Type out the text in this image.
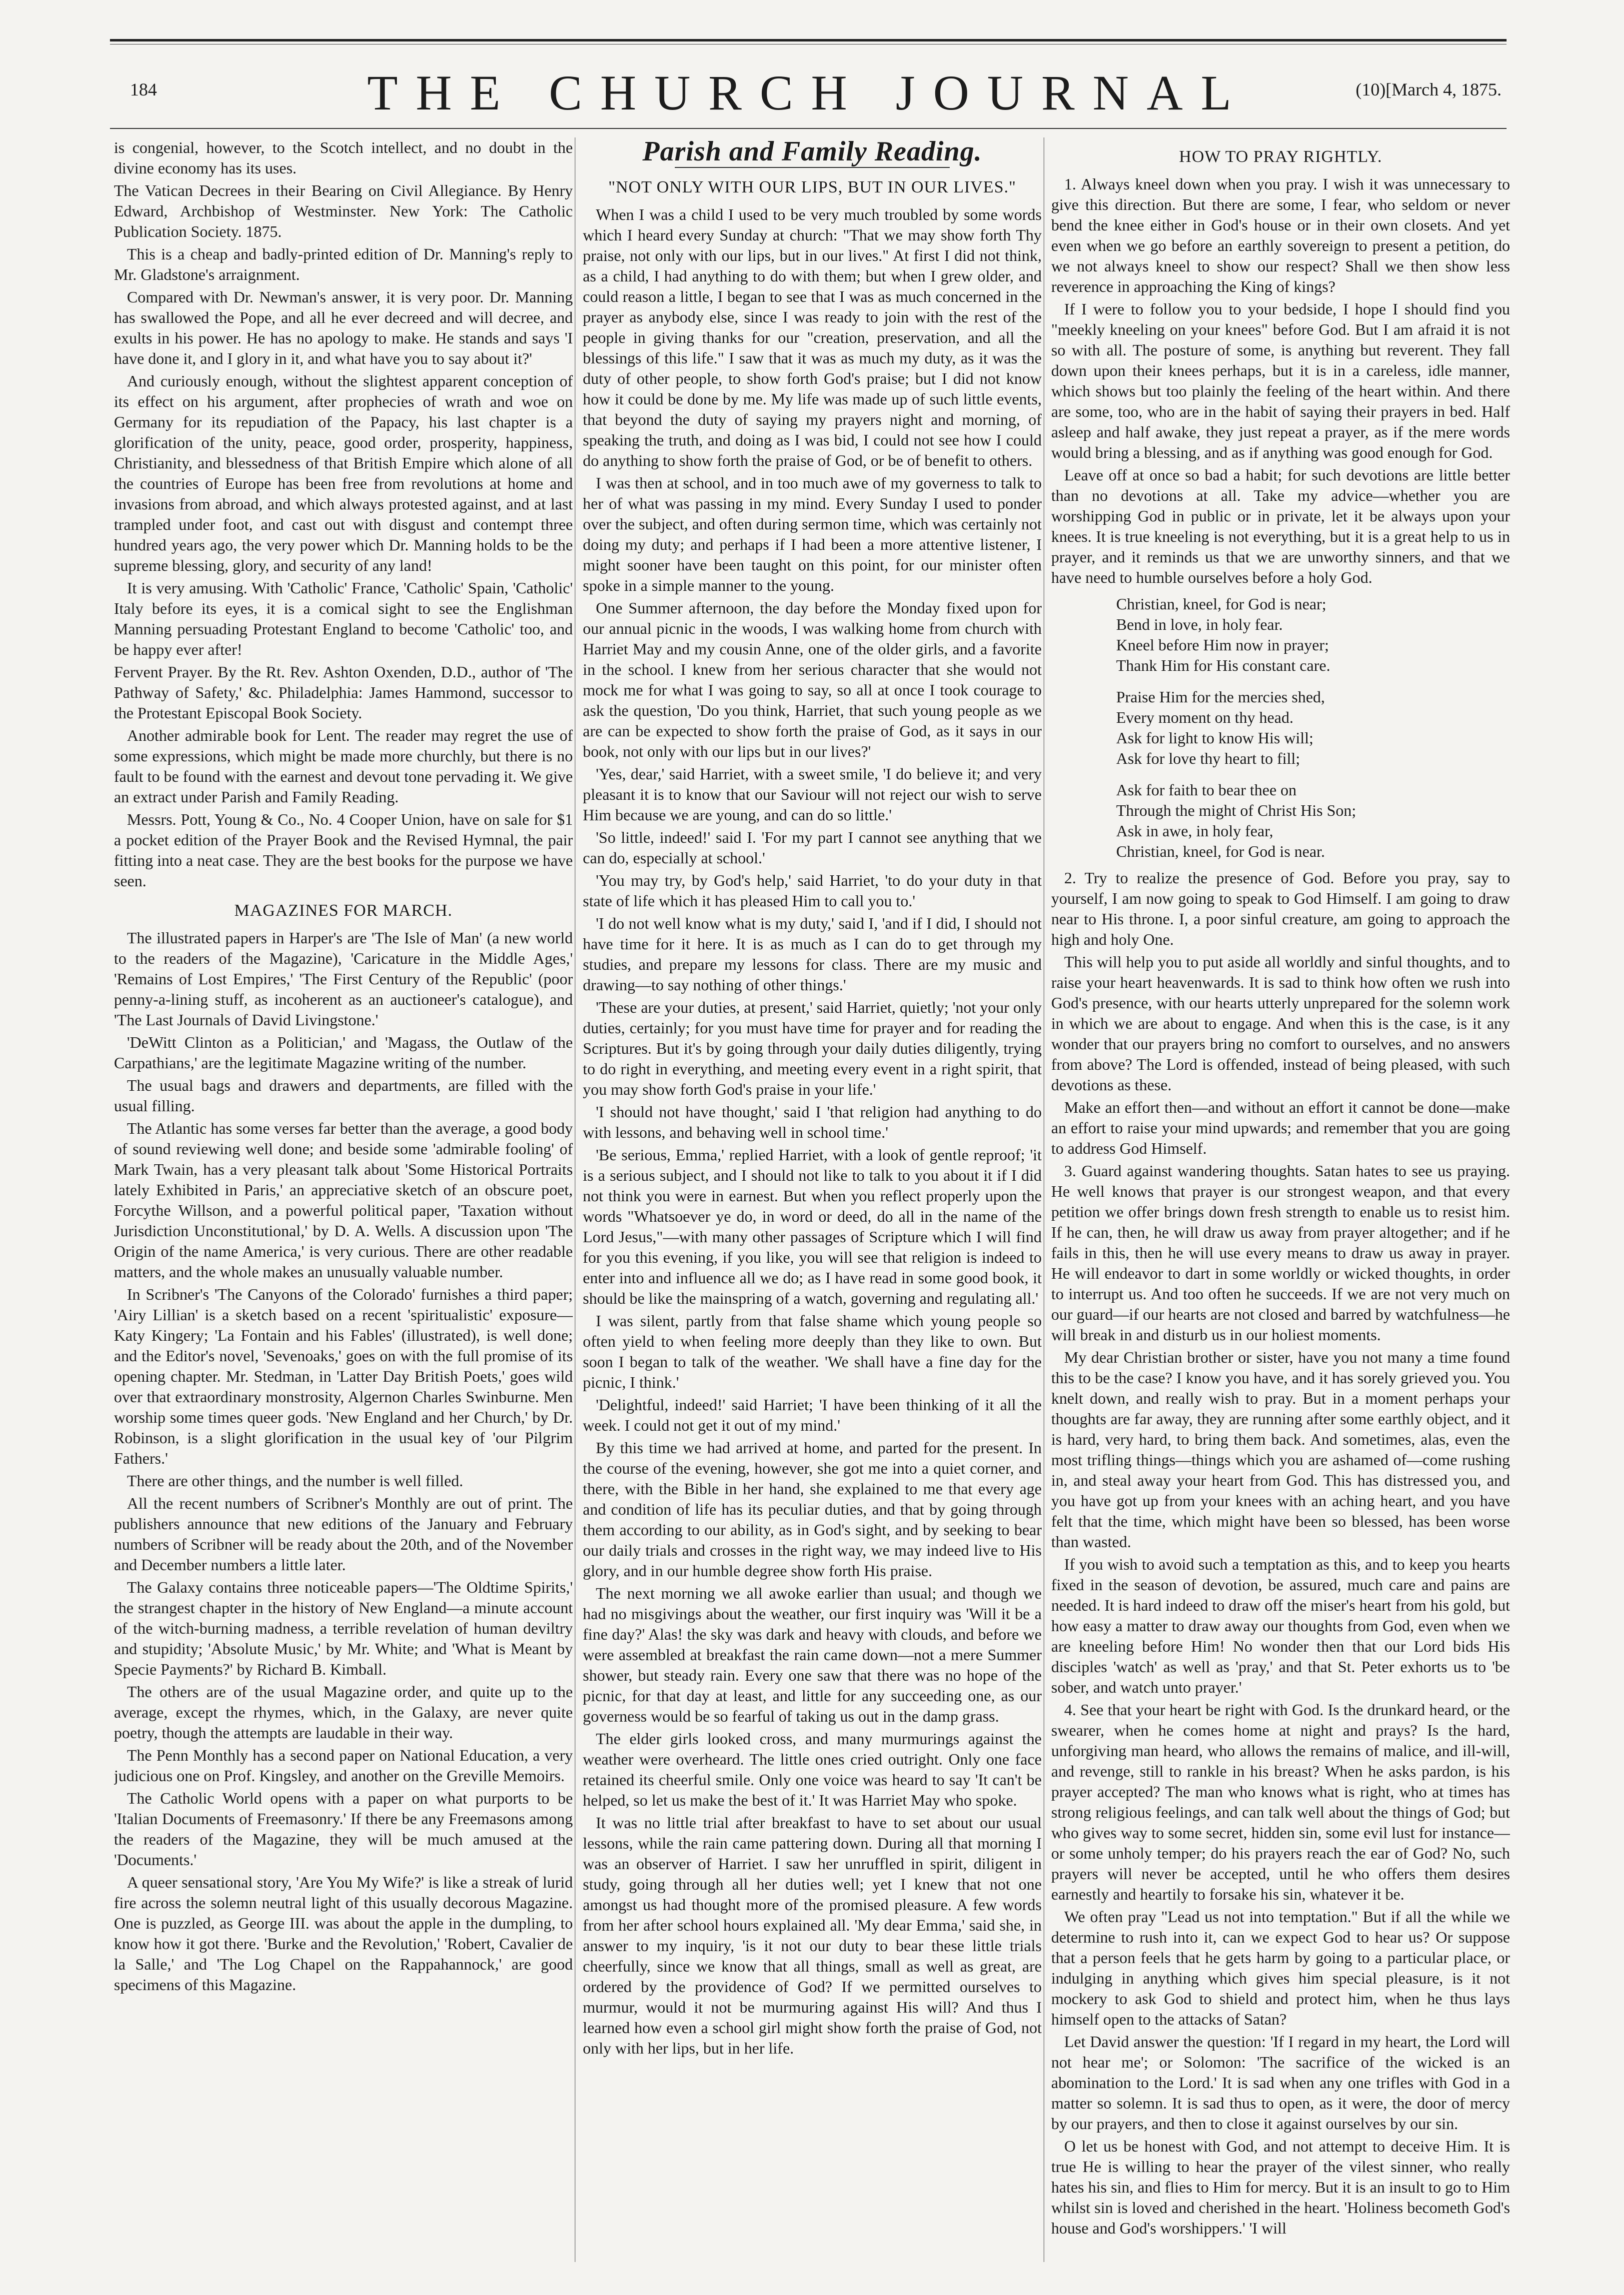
184	THE CHURCH JOURNAL	(10)[March 4, 1875.

is congenial, however, to the Scotch intellect, and no doubt in the divine economy has its uses.

The Vatican Decrees in their Bearing on Civil Allegiance. By Henry Edward, Archbishop of Westminster. New York: The Catholic Publication Society. 1875.

This is a cheap and badly-printed edition of Dr. Manning's reply to Mr. Gladstone's arraignment.

Compared with Dr. Newman's answer, it is very poor. Dr. Manning has swallowed the Pope, and all he ever decreed and will decree, and exults in his power. He has no apology to make. He stands and says 'I have done it, and I glory in it, and what have you to say about it?'

And curiously enough, without the slightest apparent conception of its effect on his argument, after prophecies of wrath and woe on Germany for its repudiation of the Papacy, his last chapter is a glorification of the unity, peace, good order, prosperity, happiness, Christianity, and blessedness of that British Empire which alone of all the countries of Europe has been free from revolutions at home and invasions from abroad, and which always protested against, and at last trampled under foot, and cast out with disgust and contempt three hundred years ago, the very power which Dr. Manning holds to be the supreme blessing, glory, and security of any land!

It is very amusing. With 'Catholic' France, 'Catholic' Spain, 'Catholic' Italy before its eyes, it is a comical sight to see the Englishman Manning persuading Protestant England to become 'Catholic' too, and be happy ever after!

Fervent Prayer. By the Rt. Rev. Ashton Oxenden, D.D., author of 'The Pathway of Safety,' &c. Philadelphia: James Hammond, successor to the Protestant Episcopal Book Society.

Another admirable book for Lent. The reader may regret the use of some expressions, which might be made more churchly, but there is no fault to be found with the earnest and devout tone pervading it. We give an extract under Parish and Family Reading.

Messrs. Pott, Young & Co., No. 4 Cooper Union, have on sale for $1 a pocket edition of the Prayer Book and the Revised Hymnal, the pair fitting into a neat case. They are the best books for the purpose we have seen.

MAGAZINES FOR MARCH.

The illustrated papers in Harper's are 'The Isle of Man' (a new world to the readers of the Magazine), 'Caricature in the Middle Ages,' 'Remains of Lost Empires,' 'The First Century of the Republic' (poor penny-a-lining stuff, as incoherent as an auctioneer's catalogue), and 'The Last Journals of David Livingstone.'

'DeWitt Clinton as a Politician,' and 'Magass, the Outlaw of the Carpathians,' are the legitimate Magazine writing of the number.

The usual bags and drawers and departments, are filled with the usual filling.

The Atlantic has some verses far better than the average, a good body of sound reviewing well done; and beside some 'admirable fooling' of Mark Twain, has a very pleasant talk about 'Some Historical Portraits lately Exhibited in Paris,' an appreciative sketch of an obscure poet, Forcythe Willson, and a powerful political paper, 'Taxation without Jurisdiction Unconstitutional,' by D. A. Wells. A discussion upon 'The Origin of the name America,' is very curious. There are other readable matters, and the whole makes an unusually valuable number.

In Scribner's 'The Canyons of the Colorado' furnishes a third paper; 'Airy Lillian' is a sketch based on a recent 'spiritualistic' exposure—Katy Kingery; 'La Fontain and his Fables' (illustrated), is well done; and the Editor's novel, 'Sevenoaks,' goes on with the full promise of its opening chapter. Mr. Stedman, in 'Latter Day British Poets,' goes wild over that extraordinary monstrosity, Algernon Charles Swinburne. Men worship some times queer gods. 'New England and her Church,' by Dr. Robinson, is a slight glorification in the usual key of 'our Pilgrim Fathers.'

There are other things, and the number is well filled.

All the recent numbers of Scribner's Monthly are out of print. The publishers announce that new editions of the January and February numbers of Scribner will be ready about the 20th, and of the November and December numbers a little later.

The Galaxy contains three noticeable papers—'The Oldtime Spirits,' the strangest chapter in the history of New England—a minute account of the witch-burning madness, a terrible revelation of human deviltry and stupidity; 'Absolute Music,' by Mr. White; and 'What is Meant by Specie Payments?' by Richard B. Kimball.

The others are of the usual Magazine order, and quite up to the average, except the rhymes, which, in the Galaxy, are never quite poetry, though the attempts are laudable in their way.

The Penn Monthly has a second paper on National Education, a very judicious one on Prof. Kingsley, and another on the Greville Memoirs.

The Catholic World opens with a paper on what purports to be 'Italian Documents of Freemasonry.' If there be any Freemasons among the readers of the Magazine, they will be much amused at the 'Documents.'

A queer sensational story, 'Are You My Wife?' is like a streak of lurid fire across the solemn neutral light of this usually decorous Magazine. One is puzzled, as George III. was about the apple in the dumpling, to know how it got there. 'Burke and the Revolution,' 'Robert, Cavalier de la Salle,' and 'The Log Chapel on the Rappahannock,' are good specimens of this Magazine.

Parish and Family Reading.
"NOT ONLY WITH OUR LIPS, BUT IN OUR LIVES."

When I was a child I used to be very much troubled by some words which I heard every Sunday at church: "That we may show forth Thy praise, not only with our lips, but in our lives." At first I did not think, as a child, I had anything to do with them; but when I grew older, and could reason a little, I began to see that I was as much concerned in the prayer as anybody else, since I was ready to join with the rest of the people in giving thanks for our "creation, preservation, and all the blessings of this life." I saw that it was as much my duty, as it was the duty of other people, to show forth God's praise; but I did not know how it could be done by me. My life was made up of such little events, that beyond the duty of saying my prayers night and morning, of speaking the truth, and doing as I was bid, I could not see how I could do anything to show forth the praise of God, or be of benefit to others.

I was then at school, and in too much awe of my governess to talk to her of what was passing in my mind. Every Sunday I used to ponder over the subject, and often during sermon time, which was certainly not doing my duty; and perhaps if I had been a more attentive listener, I might sooner have been taught on this point, for our minister often spoke in a simple manner to the young.

One Summer afternoon, the day before the Monday fixed upon for our annual picnic in the woods, I was walking home from church with Harriet May and my cousin Anne, one of the older girls, and a favorite in the school. I knew from her serious character that she would not mock me for what I was going to say, so all at once I took courage to ask the question, 'Do you think, Harriet, that such young people as we are can be expected to show forth the praise of God, as it says in our book, not only with our lips but in our lives?'

'Yes, dear,' said Harriet, with a sweet smile, 'I do believe it; and very pleasant it is to know that our Saviour will not reject our wish to serve Him because we are young, and can do so little.'

'So little, indeed!' said I. 'For my part I cannot see anything that we can do, especially at school.'

'You may try, by God's help,' said Harriet, 'to do your duty in that state of life which it has pleased Him to call you to.'

'I do not well know what is my duty,' said I, 'and if I did, I should not have time for it here. It is as much as I can do to get through my studies, and prepare my lessons for class. There are my music and drawing—to say nothing of other things.'

'These are your duties, at present,' said Harriet, quietly; 'not your only duties, certainly; for you must have time for prayer and for reading the Scriptures. But it's by going through your daily duties diligently, trying to do right in everything, and meeting every event in a right spirit, that you may show forth God's praise in your life.'

'I should not have thought,' said I 'that religion had anything to do with lessons, and behaving well in school time.'

'Be serious, Emma,' replied Harriet, with a look of gentle reproof; 'it is a serious subject, and I should not like to talk to you about it if I did not think you were in earnest. But when you reflect properly upon the words "Whatsoever ye do, in word or deed, do all in the name of the Lord Jesus,"—with many other passages of Scripture which I will find for you this evening, if you like, you will see that religion is indeed to enter into and influence all we do; as I have read in some good book, it should be like the mainspring of a watch, governing and regulating all.'

I was silent, partly from that false shame which young people so often yield to when feeling more deeply than they like to own. But soon I began to talk of the weather. 'We shall have a fine day for the picnic, I think.'

'Delightful, indeed!' said Harriet; 'I have been thinking of it all the week. I could not get it out of my mind.'

By this time we had arrived at home, and parted for the present. In the course of the evening, however, she got me into a quiet corner, and there, with the Bible in her hand, she explained to me that every age and condition of life has its peculiar duties, and that by going through them according to our ability, as in God's sight, and by seeking to bear our daily trials and crosses in the right way, we may indeed live to His glory, and in our humble degree show forth His praise.

The next morning we all awoke earlier than usual; and though we had no misgivings about the weather, our first inquiry was 'Will it be a fine day?' Alas! the sky was dark and heavy with clouds, and before we were assembled at breakfast the rain came down—not a mere Summer shower, but steady rain. Every one saw that there was no hope of the picnic, for that day at least, and little for any succeeding one, as our governess would be so fearful of taking us out in the damp grass.

The elder girls looked cross, and many murmurings against the weather were overheard. The little ones cried outright. Only one face retained its cheerful smile. Only one voice was heard to say 'It can't be helped, so let us make the best of it.' It was Harriet May who spoke.

It was no little trial after breakfast to have to set about our usual lessons, while the rain came pattering down. During all that morning I was an observer of Harriet. I saw her unruffled in spirit, diligent in study, going through all her duties well; yet I knew that not one amongst us had thought more of the promised pleasure. A few words from her after school hours explained all. 'My dear Emma,' said she, in answer to my inquiry, 'is it not our duty to bear these little trials cheerfully, since we know that all things, small as well as great, are ordered by the providence of God? If we permitted ourselves to murmur, would it not be murmuring against His will? And thus I learned how even a school girl might show forth the praise of God, not only with her lips, but in her life.

HOW TO PRAY RIGHTLY.

1. Always kneel down when you pray. I wish it was unnecessary to give this direction. But there are some, I fear, who seldom or never bend the knee either in God's house or in their own closets. And yet even when we go before an earthly sovereign to present a petition, do we not always kneel to show our respect? Shall we then show less reverence in approaching the King of kings?

If I were to follow you to your bedside, I hope I should find you "meekly kneeling on your knees" before God. But I am afraid it is not so with all. The posture of some, is anything but reverent. They fall down upon their knees perhaps, but it is in a careless, idle manner, which shows but too plainly the feeling of the heart within. And there are some, too, who are in the habit of saying their prayers in bed. Half asleep and half awake, they just repeat a prayer, as if the mere words would bring a blessing, and as if anything was good enough for God.

Leave off at once so bad a habit; for such devotions are little better than no devotions at all. Take my advice—whether you are worshipping God in public or in private, let it be always upon your knees. It is true kneeling is not everything, but it is a great help to us in prayer, and it reminds us that we are unworthy sinners, and that we have need to humble ourselves before a holy God.

Christian, kneel, for God is near;

Bend in love, in holy fear.

Kneel before Him now in prayer;

Thank Him for His constant care.

Praise Him for the mercies shed,

Every moment on thy head.

Ask for light to know His will;

Ask for love thy heart to fill;

Ask for faith to bear thee on

Through the might of Christ His Son;

Ask in awe, in holy fear,

Christian, kneel, for God is near.

2. Try to realize the presence of God. Before you pray, say to yourself, I am now going to speak to God Himself. I am going to draw near to His throne. I, a poor sinful creature, am going to approach the high and holy One.

This will help you to put aside all worldly and sinful thoughts, and to raise your heart heavenwards. It is sad to think how often we rush into God's presence, with our hearts utterly unprepared for the solemn work in which we are about to engage. And when this is the case, is it any wonder that our prayers bring no comfort to ourselves, and no answers from above? The Lord is offended, instead of being pleased, with such devotions as these.

Make an effort then—and without an effort it cannot be done—make an effort to raise your mind upwards; and remember that you are going to address God Himself.

3. Guard against wandering thoughts. Satan hates to see us praying. He well knows that prayer is our strongest weapon, and that every petition we offer brings down fresh strength to enable us to resist him. If he can, then, he will draw us away from prayer altogether; and if he fails in this, then he will use every means to draw us away in prayer. He will endeavor to dart in some worldly or wicked thoughts, in order to interrupt us. And too often he succeeds. If we are not very much on our guard—if our hearts are not closed and barred by watchfulness—he will break in and disturb us in our holiest moments.

My dear Christian brother or sister, have you not many a time found this to be the case? I know you have, and it has sorely grieved you. You knelt down, and really wish to pray. But in a moment perhaps your thoughts are far away, they are running after some earthly object, and it is hard, very hard, to bring them back. And sometimes, alas, even the most trifling things—things which you are ashamed of—come rushing in, and steal away your heart from God. This has distressed you, and you have got up from your knees with an aching heart, and you have felt that the time, which might have been so blessed, has been worse than wasted.

If you wish to avoid such a temptation as this, and to keep you hearts fixed in the season of devotion, be assured, much care and pains are needed. It is hard indeed to draw off the miser's heart from his gold, but how easy a matter to draw away our thoughts from God, even when we are kneeling before Him! No wonder then that our Lord bids His disciples 'watch' as well as 'pray,' and that St. Peter exhorts us to 'be sober, and watch unto prayer.'

4. See that your heart be right with God. Is the drunkard heard, or the swearer, when he comes home at night and prays? Is the hard, unforgiving man heard, who allows the remains of malice, and ill-will, and revenge, still to rankle in his breast? When he asks pardon, is his prayer accepted? The man who knows what is right, who at times has strong religious feelings, and can talk well about the things of God; but who gives way to some secret, hidden sin, some evil lust for instance—or some unholy temper; do his prayers reach the ear of God? No, such prayers will never be accepted, until he who offers them desires earnestly and heartily to forsake his sin, whatever it be.

We often pray "Lead us not into temptation." But if all the while we determine to rush into it, can we expect God to hear us? Or suppose that a person feels that he gets harm by going to a particular place, or indulging in anything which gives him special pleasure, is it not mockery to ask God to shield and protect him, when he thus lays himself open to the attacks of Satan?

Let David answer the question: 'If I regard in my heart, the Lord will not hear me'; or Solomon: 'The sacrifice of the wicked is an abomination to the Lord.' It is sad when any one trifles with God in a matter so solemn. It is sad thus to open, as it were, the door of mercy by our prayers, and then to close it against ourselves by our sin.

O let us be honest with God, and not attempt to deceive Him. It is true He is willing to hear the prayer of the vilest sinner, who really hates his sin, and flies to Him for mercy. But it is an insult to go to Him whilst sin is loved and cherished in the heart. 'Holiness becometh God's house and God's worshippers.' 'I will
